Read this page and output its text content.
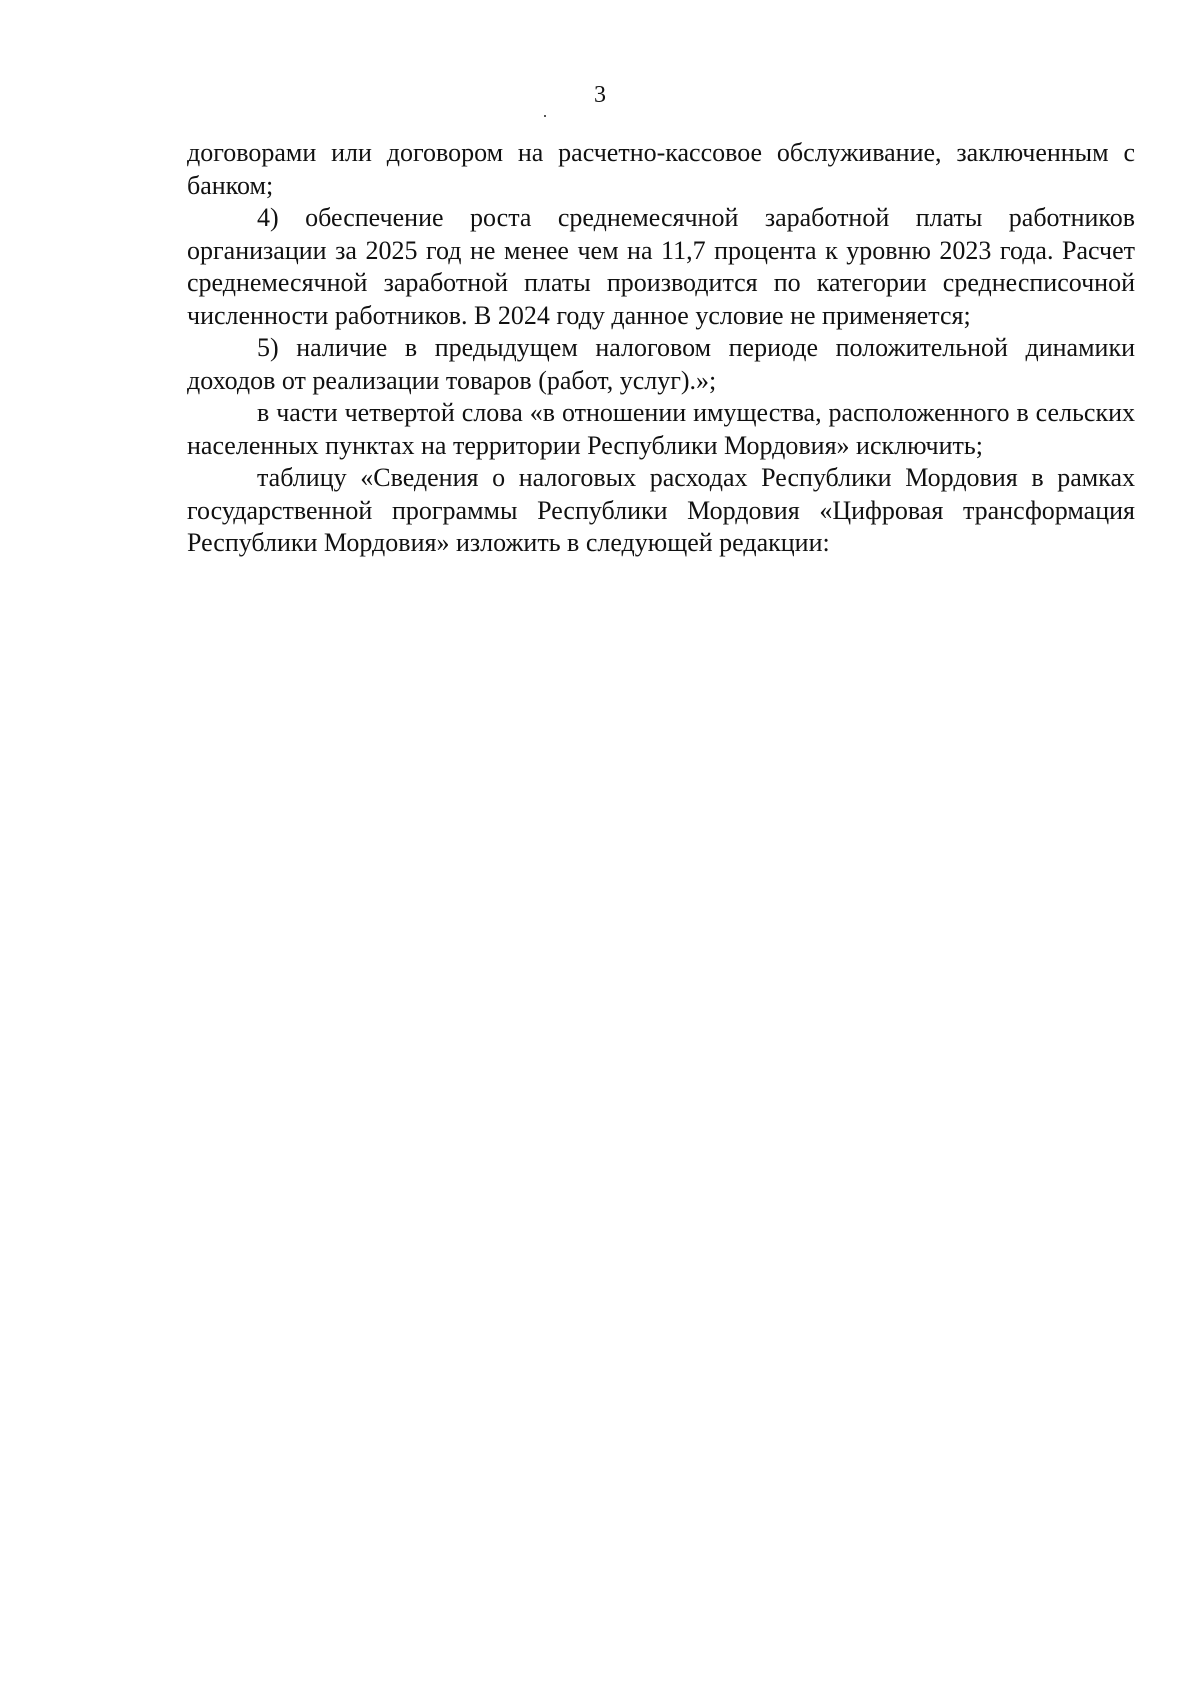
3

договорами или договором на расчетно-кассовое обслуживание, заключенным с банком;

4) обеспечение роста среднемесячной заработной платы работников организации за 2025 год не менее чем на 11,7 процента к уровню 2023 года. Расчет среднемесячной заработной платы производится по категории среднесписочной численности работников. В 2024 году данное условие не применяется;

5) наличие в предыдущем налоговом периоде положительной динамики доходов от реализации товаров (работ, услуг).»;

в части четвертой слова «в отношении имущества, расположенного в сельских населенных пунктах на территории Республики Мордовия» исключить;

таблицу «Сведения о налоговых расходах Республики Мордовия в рамках государственной программы Республики Мордовия «Цифровая трансформация Республики Мордовия» изложить в следующей редакции:
